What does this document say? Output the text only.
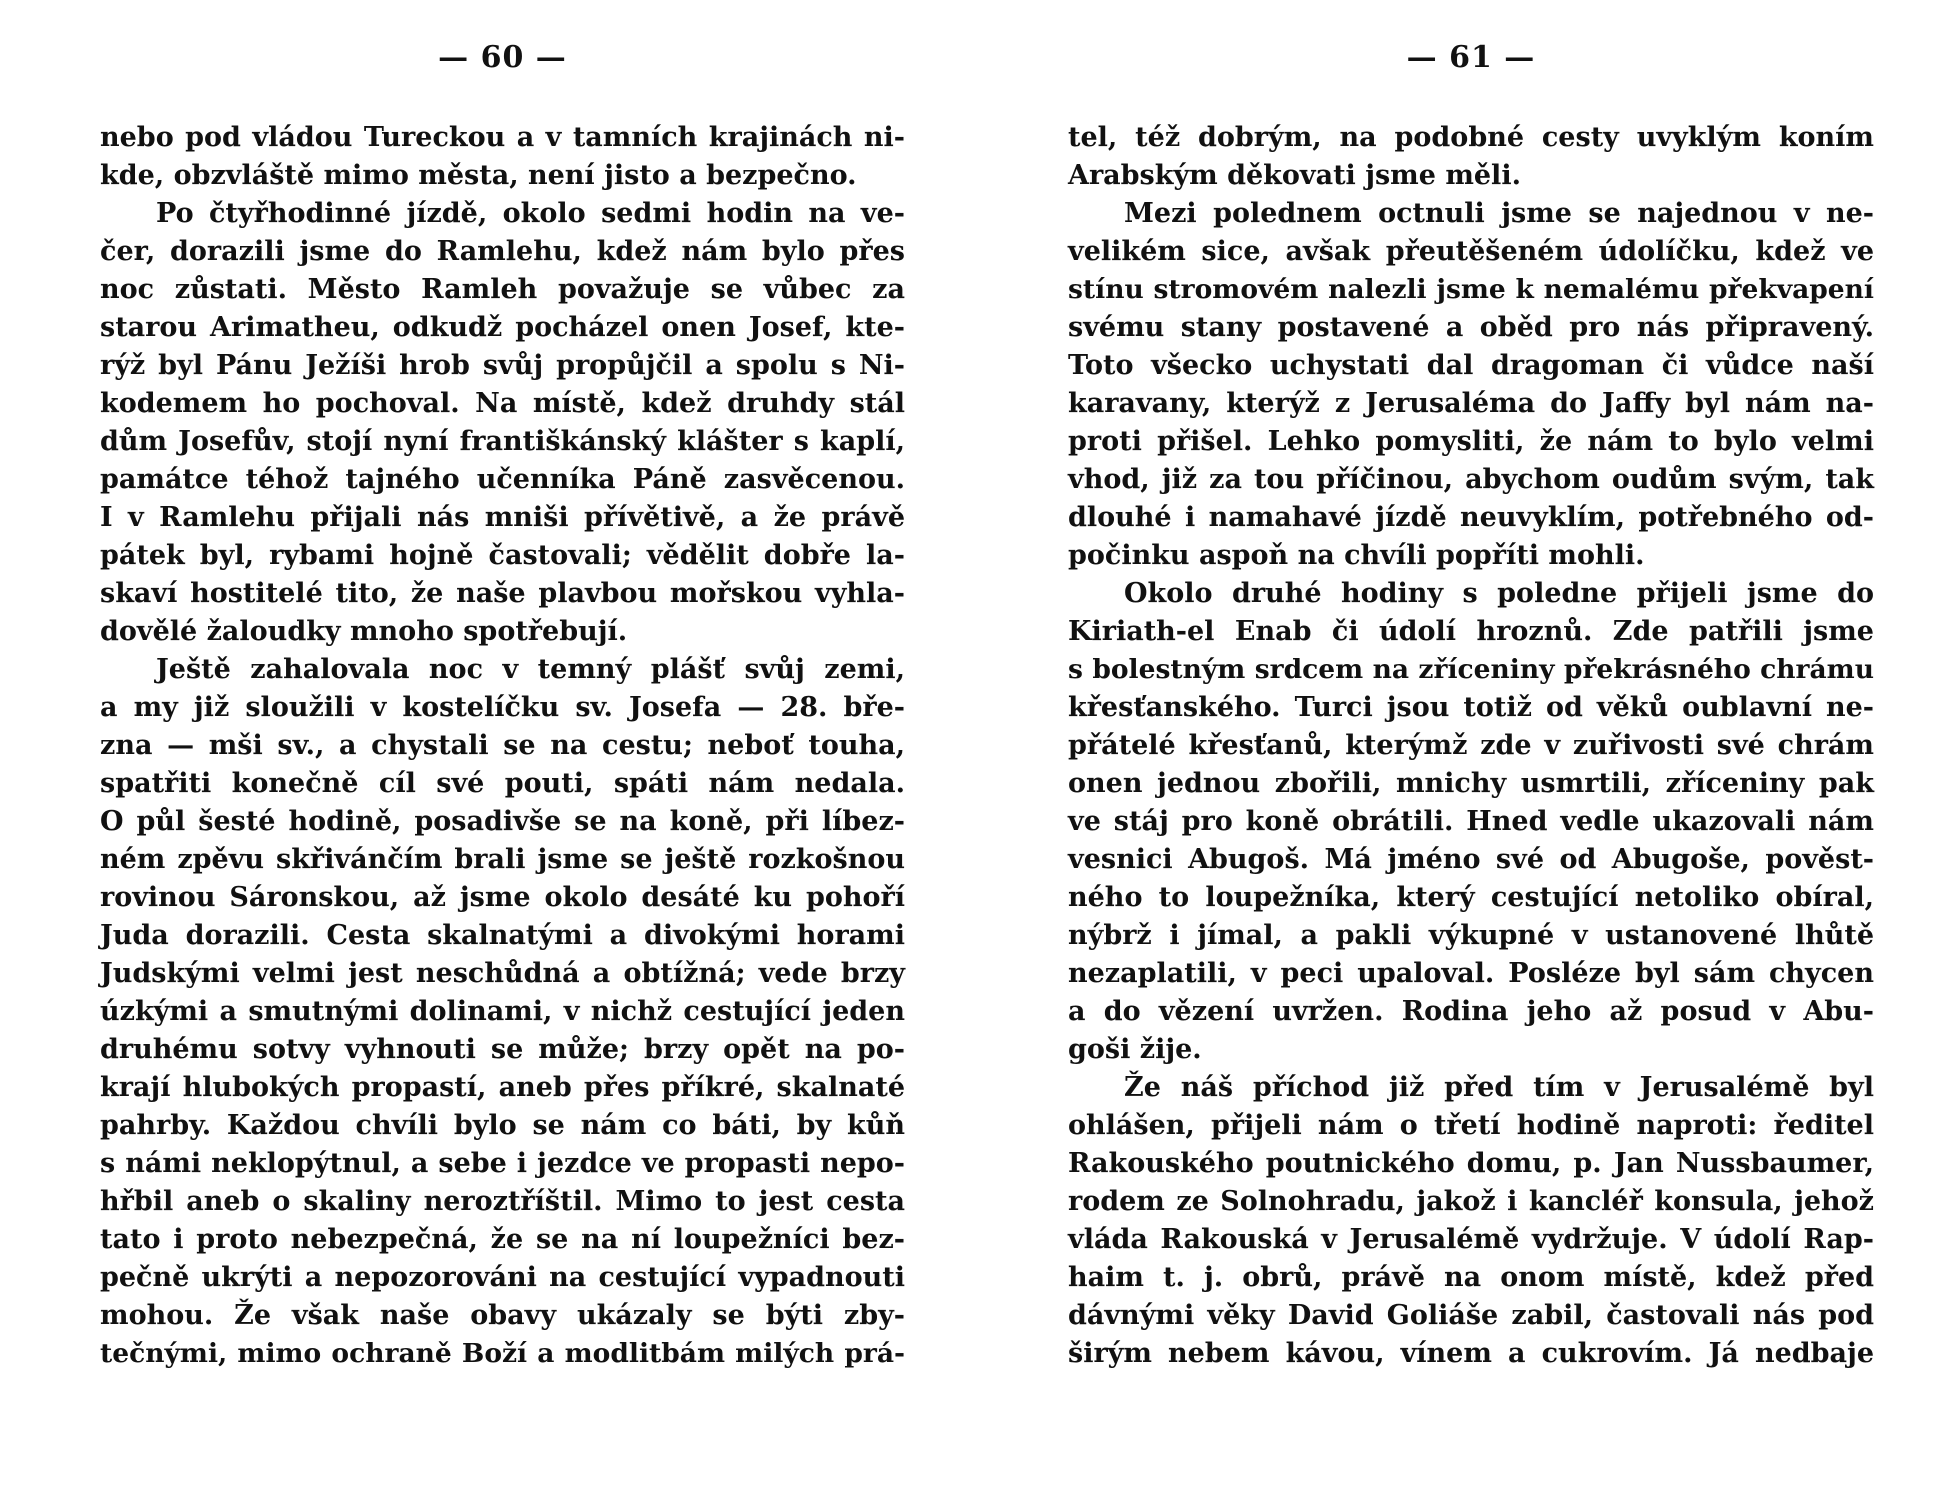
— 60 —
nebo pod vládou Tureckou a v tamních krajinách ni-
kde, obzvláště mimo města, není jisto a bezpečno.
Po čtyřhodinné jízdě, okolo sedmi hodin na ve-
čer, dorazili jsme do Ramlehu, kdež nám bylo přes
noc zůstati. Město Ramleh považuje se vůbec za
starou Arimatheu, odkudž pocházel onen Josef, kte-
rýž byl Pánu Ježíši hrob svůj propůjčil a spolu s Ni-
kodemem ho pochoval. Na místě, kdež druhdy stál
dům Josefův, stojí nyní františkánský klášter s kaplí,
památce téhož tajného učenníka Páně zasvěcenou.
I v Ramlehu přijali nás mniši přívětivě, a že právě
pátek byl, rybami hojně častovali; vědělit dobře la-
skaví hostitelé tito, že naše plavbou mořskou vyhla-
dovělé žaloudky mnoho spotřebují.
Ještě zahalovala noc v temný plášť svůj zemi,
a my již sloužili v kostelíčku sv. Josefa — 28. bře-
zna — mši sv., a chystali se na cestu; neboť touha,
spatřiti konečně cíl své pouti, spáti nám nedala.
O půl šesté hodině, posadivše se na koně, při líbez-
ném zpěvu skřivánčím brali jsme se ještě rozkošnou
rovinou Sáronskou, až jsme okolo desáté ku pohoří
Juda dorazili. Cesta skalnatými a divokými horami
Judskými velmi jest neschůdná a obtížná; vede brzy
úzkými a smutnými dolinami, v nichž cestující jeden
druhému sotvy vyhnouti se může; brzy opět na po-
krají hlubokých propastí, aneb přes příkré, skalnaté
pahrby. Každou chvíli bylo se nám co báti, by kůň
s námi neklopýtnul, a sebe i jezdce ve propasti nepo-
hřbil aneb o skaliny neroztříštil. Mimo to jest cesta
tato i proto nebezpečná, že se na ní loupežníci bez-
pečně ukrýti a nepozorováni na cestující vypadnouti
mohou. Že však naše obavy ukázaly se býti zby-
tečnými, mimo ochraně Boží a modlitbám milých prá-
— 61 —
tel, též dobrým, na podobné cesty uvyklým koním
Arabským děkovati jsme měli.
Mezi polednem octnuli jsme se najednou v ne-
velikém sice, avšak přeutěšeném údolíčku, kdež ve
stínu stromovém nalezli jsme k nemalému překvapení
svému stany postavené a oběd pro nás připravený.
Toto všecko uchystati dal dragoman či vůdce naší
karavany, kterýž z Jerusaléma do Jaffy byl nám na-
proti přišel. Lehko pomysliti, že nám to bylo velmi
vhod, již za tou příčinou, abychom oudům svým, tak
dlouhé i namahavé jízdě neuvyklím, potřebného od-
počinku aspoň na chvíli popříti mohli.
Okolo druhé hodiny s poledne přijeli jsme do
Kiriath-el Enab či údolí hroznů. Zde patřili jsme
s bolestným srdcem na zříceniny překrásného chrámu
křesťanského. Turci jsou totiž od věků oublavní ne-
přátelé křesťanů, kterýmž zde v zuřivosti své chrám
onen jednou zbořili, mnichy usmrtili, zříceniny pak
ve stáj pro koně obrátili. Hned vedle ukazovali nám
vesnici Abugoš. Má jméno své od Abugoše, pověst-
ného to loupežníka, který cestující netoliko obíral,
nýbrž i jímal, a pakli výkupné v ustanovené lhůtě
nezaplatili, v peci upaloval. Posléze byl sám chycen
a do vězení uvržen. Rodina jeho až posud v Abu-
goši žije.
Že náš příchod již před tím v Jerusalémě byl
ohlášen, přijeli nám o třetí hodině naproti: ředitel
Rakouského poutnického domu, p. Jan Nussbaumer,
rodem ze Solnohradu, jakož i kancléř konsula, jehož
vláda Rakouská v Jerusalémě vydržuje. V údolí Rap-
haim t. j. obrů, právě na onom místě, kdež před
dávnými věky David Goliáše zabil, častovali nás pod
širým nebem kávou, vínem a cukrovím. Já nedbaje
